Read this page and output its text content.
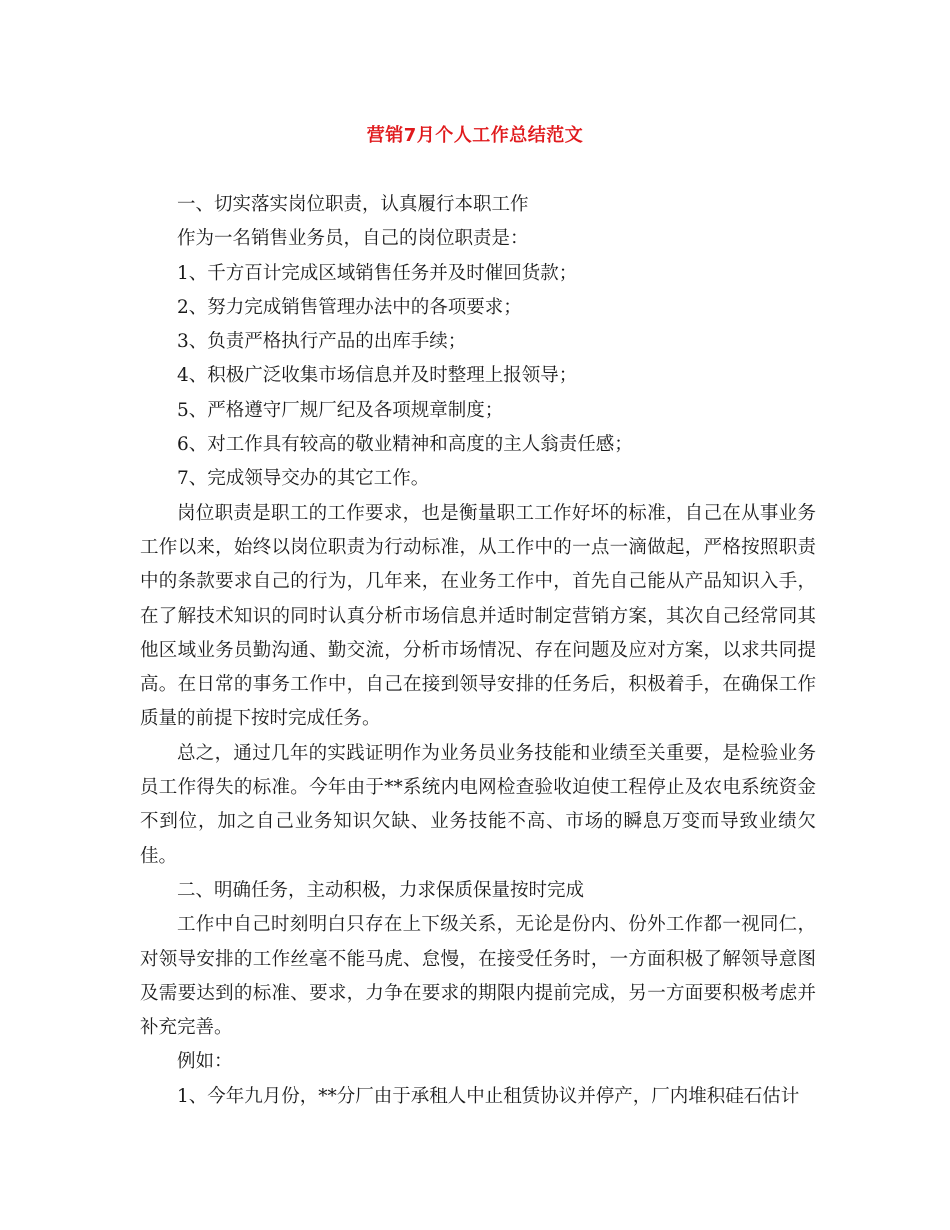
营销7月个人工作总结范文

一、切实落实岗位职责，认真履行本职工作

作为一名销售业务员，自己的岗位职责是：

1、千方百计完成区域销售任务并及时催回货款；

2、努力完成销售管理办法中的各项要求；

3、负责严格执行产品的出库手续；

4、积极广泛收集市场信息并及时整理上报领导；

5、严格遵守厂规厂纪及各项规章制度；

6、对工作具有较高的敬业精神和高度的主人翁责任感；

7、完成领导交办的其它工作。

岗位职责是职工的工作要求，也是衡量职工工作好坏的标准，自己在从事业务工作以来，始终以岗位职责为行动标准，从工作中的一点一滴做起，严格按照职责中的条款要求自己的行为，几年来，在业务工作中，首先自己能从产品知识入手，在了解技术知识的同时认真分析市场信息并适时制定营销方案，其次自己经常同其他区域业务员勤沟通、勤交流，分析市场情况、存在问题及应对方案，以求共同提高。在日常的事务工作中，自己在接到领导安排的任务后，积极着手，在确保工作质量的前提下按时完成任务。

总之，通过几年的实践证明作为业务员业务技能和业绩至关重要，是检验业务员工作得失的标准。今年由于**系统内电网检查验收迫使工程停止及农电系统资金不到位，加之自己业务知识欠缺、业务技能不高、市场的瞬息万变而导致业绩欠佳。

二、明确任务，主动积极，力求保质保量按时完成

工作中自己时刻明白只存在上下级关系，无论是份内、份外工作都一视同仁，对领导安排的工作丝毫不能马虎、怠慢，在接受任务时，一方面积极了解领导意图及需要达到的标准、要求，力争在要求的期限内提前完成，另一方面要积极考虑并补充完善。

例如：

1、今年九月份，**分厂由于承租人中止租赁协议并停产，厂内堆积硅石估计
